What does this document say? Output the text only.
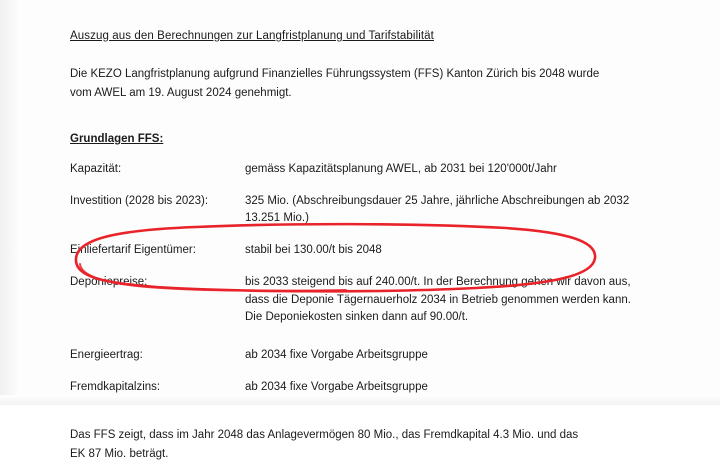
Auszug aus den Berechnungen zur Langfristplanung und Tarifstabilität
Die KEZO Langfristplanung aufgrund Finanzielles Führungssystem (FFS) Kanton Zürich bis 2048 wurde vom AWEL am 19. August 2024 genehmigt.
Grundlagen FFS:
Kapazität:	gemäss Kapazitätsplanung AWEL, ab 2031 bei 120'000t/Jahr
Investition (2028 bis 2023):	325 Mio. (Abschreibungsdauer 25 Jahre, jährliche Abschreibungen ab 2032 13.251 Mio.)
Einliefertarif Eigentümer:	stabil bei 130.00/t bis 2048
Deponiepreise:	bis 2033 steigend bis auf 240.00/t. In der Berechnung gehen wir davon aus, dass die Deponie Tägernauerholz 2034 in Betrieb genommen werden kann. Die Deponiekosten sinken dann auf 90.00/t.
Energieertrag:	ab 2034 fixe Vorgabe Arbeitsgruppe
Fremdkapitalzins:	ab 2034 fixe Vorgabe Arbeitsgruppe
Das FFS zeigt, dass im Jahr 2048 das Anlagevermögen 80 Mio., das Fremdkapital 4.3 Mio. und das EK 87 Mio. beträgt.
